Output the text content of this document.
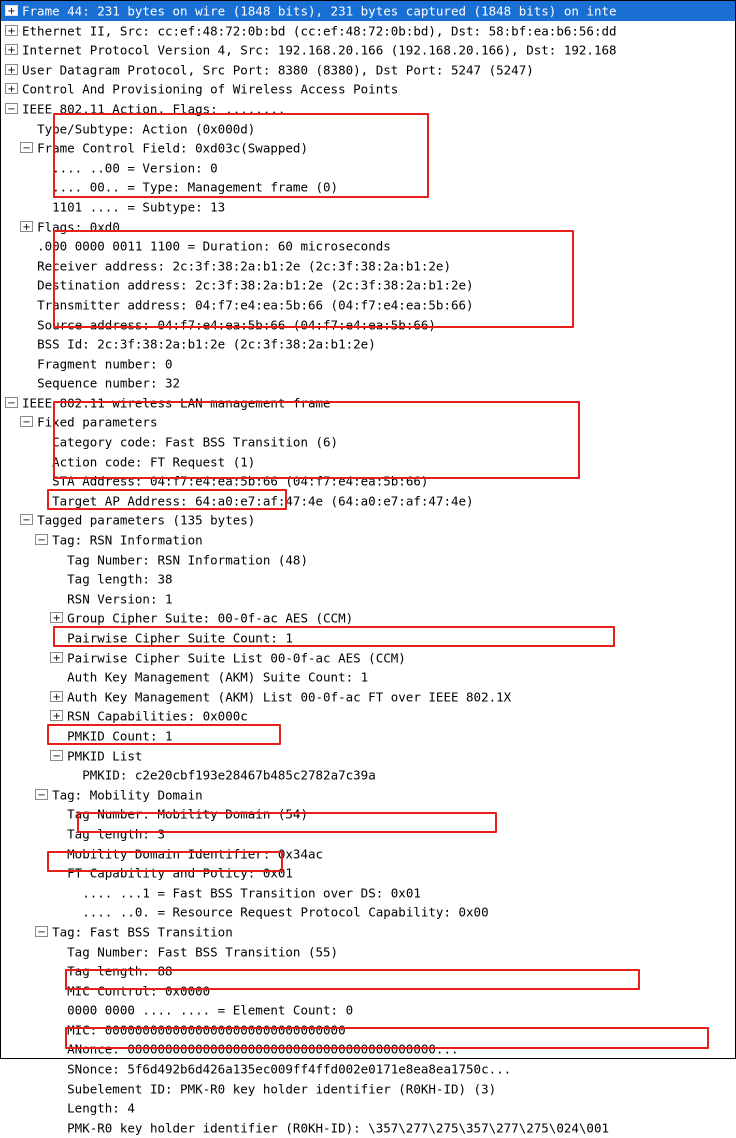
+ Frame 44: 231 bytes on wire (1848 bits), 231 bytes captured (1848 bits) on inte
+ Ethernet II, Src: cc:ef:48:72:0b:bd (cc:ef:48:72:0b:bd), Dst: 58:bf:ea:b6:56:dd
+ Internet Protocol Version 4, Src: 192.168.20.166 (192.168.20.166), Dst: 192.168
+ User Datagram Protocol, Src Port: 8380 (8380), Dst Port: 5247 (5247)
+ Control And Provisioning of Wireless Access Points
− IEEE 802.11 Action, Flags: ........
Type/Subtype: Action (0x000d)
− Frame Control Field: 0xd03c(Swapped)
.... ..00 = Version: 0
.... 00.. = Type: Management frame (0)
1101 .... = Subtype: 13
+ Flags: 0xd0
.000 0000 0011 1100 = Duration: 60 microseconds
Receiver address: 2c:3f:38:2a:b1:2e (2c:3f:38:2a:b1:2e)
Destination address: 2c:3f:38:2a:b1:2e (2c:3f:38:2a:b1:2e)
Transmitter address: 04:f7:e4:ea:5b:66 (04:f7:e4:ea:5b:66)
Source address: 04:f7:e4:ea:5b:66 (04:f7:e4:ea:5b:66)
BSS Id: 2c:3f:38:2a:b1:2e (2c:3f:38:2a:b1:2e)
Fragment number: 0
Sequence number: 32
− IEEE 802.11 wireless LAN management frame
− Fixed parameters
Category code: Fast BSS Transition (6)
Action code: FT Request (1)
STA Address: 04:f7:e4:ea:5b:66 (04:f7:e4:ea:5b:66)
Target AP Address: 64:a0:e7:af:47:4e (64:a0:e7:af:47:4e)
− Tagged parameters (135 bytes)
− Tag: RSN Information
Tag Number: RSN Information (48)
Tag length: 38
RSN Version: 1
+ Group Cipher Suite: 00-0f-ac AES (CCM)
Pairwise Cipher Suite Count: 1
+ Pairwise Cipher Suite List 00-0f-ac AES (CCM)
Auth Key Management (AKM) Suite Count: 1
+ Auth Key Management (AKM) List 00-0f-ac FT over IEEE 802.1X
+ RSN Capabilities: 0x000c
PMKID Count: 1
− PMKID List
PMKID: c2e20cbf193e28467b485c2782a7c39a
− Tag: Mobility Domain
Tag Number: Mobility Domain (54)
Tag length: 3
Mobility Domain Identifier: 0x34ac
FT Capability and Policy: 0x01
.... ...1 = Fast BSS Transition over DS: 0x01
.... ..0. = Resource Request Protocol Capability: 0x00
− Tag: Fast BSS Transition
Tag Number: Fast BSS Transition (55)
Tag length: 88
MIC Control: 0x0000
0000 0000 .... .... = Element Count: 0
MIC: 00000000000000000000000000000000
ANonce: 00000000000000000000000000000000000000000...
SNonce: 5f6d492b6d426a135ec009ff4ffd002e0171e8ea8ea1750c...
Subelement ID: PMK-R0 key holder identifier (R0KH-ID) (3)
Length: 4
PMK-R0 key holder identifier (R0KH-ID): \357\277\275\357\277\275\024\001
